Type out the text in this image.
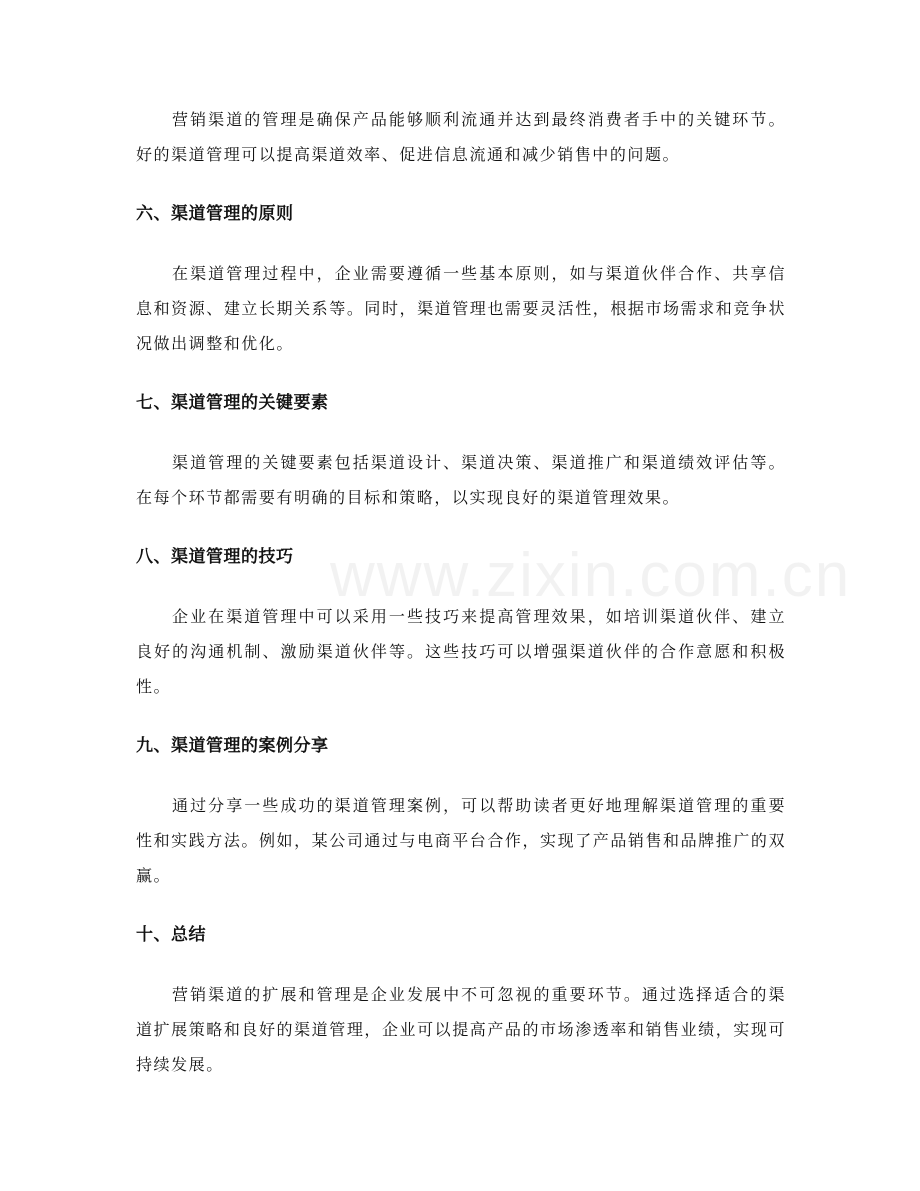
营销渠道的管理是确保产品能够顺利流通并达到最终消费者手中的关键环节。好的渠道管理可以提高渠道效率、促进信息流通和减少销售中的问题。

六、渠道管理的原则

在渠道管理过程中，企业需要遵循一些基本原则，如与渠道伙伴合作、共享信息和资源、建立长期关系等。同时，渠道管理也需要灵活性，根据市场需求和竞争状况做出调整和优化。

七、渠道管理的关键要素

渠道管理的关键要素包括渠道设计、渠道决策、渠道推广和渠道绩效评估等。在每个环节都需要有明确的目标和策略，以实现良好的渠道管理效果。

八、渠道管理的技巧

企业在渠道管理中可以采用一些技巧来提高管理效果，如培训渠道伙伴、建立良好的沟通机制、激励渠道伙伴等。这些技巧可以增强渠道伙伴的合作意愿和积极性。

九、渠道管理的案例分享

通过分享一些成功的渠道管理案例，可以帮助读者更好地理解渠道管理的重要性和实践方法。例如，某公司通过与电商平台合作，实现了产品销售和品牌推广的双赢。

十、总结

营销渠道的扩展和管理是企业发展中不可忽视的重要环节。通过选择适合的渠道扩展策略和良好的渠道管理，企业可以提高产品的市场渗透率和销售业绩，实现可持续发展。

www.zixin.com.cn
